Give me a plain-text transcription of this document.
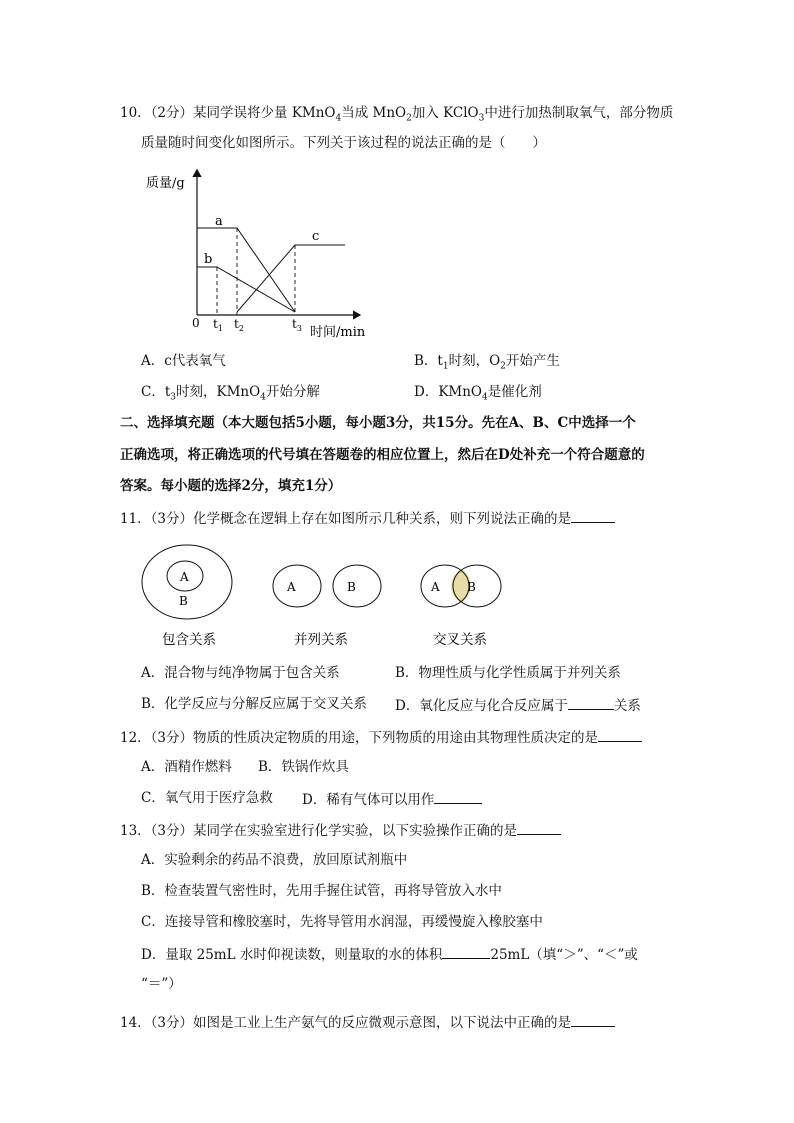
10．（2分）某同学误将少量 KMnO$_4$当成 MnO$_2$加入 KClO$_3$中进行加热制取氧气，部分物质
质量随时间变化如图所示。下列关于该过程的说法正确的是（　　）
质量/g
时间/min
0
a
b
c
$t_1$ $t_2$	$t_3$
A．c代表氧气	B．$t_1$时刻，$O_2$开始产生
C．$t_3$时刻，KMnO$_4$开始分解	D．KMnO$_4$是催化剂
二、选择填充题（本大题包括5小题，每小题3分，共15分。先在A、B、C中选择一个
正确选项，将正确选项的代号填在答题卷的相应位置上，然后在D处补充一个符合题意的
答案。每小题的选择2分，填充1分）
11．（3分）化学概念在逻辑上存在如图所示几种关系，则下列说法正确的是
A
B
A	B	A B
包含关系	并列关系	交叉关系
A．混合物与纯净物属于包含关系	B．物理性质与化学性质属于并列关系
B．化学反应与分解反应属于交叉关系 D．氧化反应与化合反应属于	关系
12．（3分）物质的性质决定物质的用途，下列物质的用途由其物理性质决定的是
A．酒精作燃料 B．铁锅作炊具
C．氧气用于医疗急救 D．稀有气体可以用作
13．（3分）某同学在实验室进行化学实验，以下实验操作正确的是
A．实验剩余的药品不浪费，放回原试剂瓶中
B．检查装置气密性时，先用手握住试管，再将导管放入水中
C．连接导管和橡胶塞时，先将导管用水润湿，再缓慢旋入橡胶塞中
D．量取 25mL 水时仰视读数，则量取的水的体积	25mL（填“＞”、“＜”或
“＝”）
14．（3分）如图是工业上生产氨气的反应微观示意图，以下说法中正确的是
